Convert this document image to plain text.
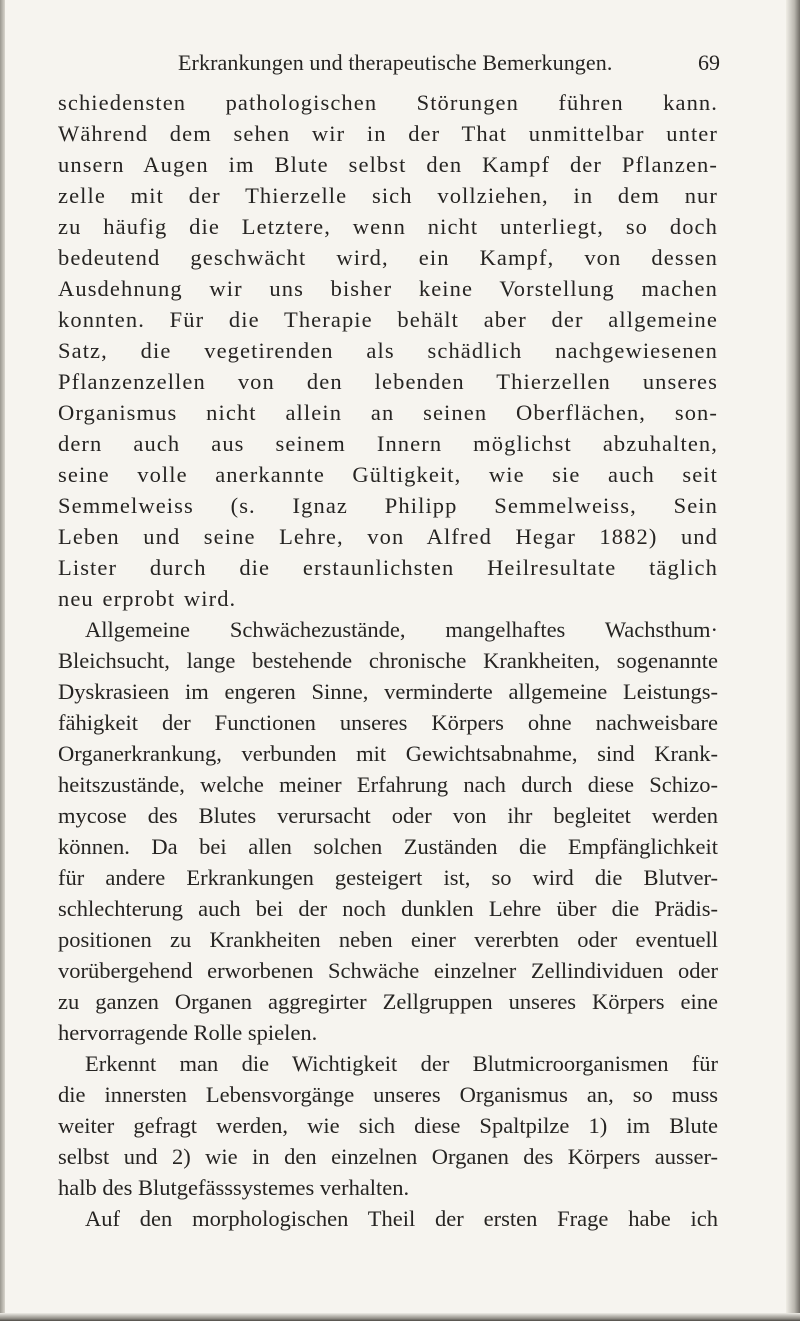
Erkrankungen und therapeutische Bemerkungen.	69
schiedensten pathologischen Störungen führen kann.
Während dem sehen wir in der That unmittelbar unter
unsern Augen im Blute selbst den Kampf der Pflanzen-
zelle mit der Thierzelle sich vollziehen, in dem nur
zu häufig die Letztere, wenn nicht unterliegt, so doch
bedeutend geschwächt wird, ein Kampf, von dessen
Ausdehnung wir uns bisher keine Vorstellung machen
konnten. Für die Therapie behält aber der allgemeine
Satz, die vegetirenden als schädlich nachgewiesenen
Pflanzenzellen von den lebenden Thierzellen unseres
Organismus nicht allein an seinen Oberflächen, son-
dern auch aus seinem Innern möglichst abzuhalten,
seine volle anerkannte Gültigkeit, wie sie auch seit
Semmelweiss (s. Ignaz Philipp Semmelweiss, Sein
Leben und seine Lehre, von Alfred Hegar 1882) und
Lister durch die erstaunlichsten Heilresultate täglich
neu erprobt wird.
Allgemeine Schwächezustände, mangelhaftes Wachsthum·
Bleichsucht, lange bestehende chronische Krankheiten, sogenannte
Dyskrasieen im engeren Sinne, verminderte allgemeine Leistungs-
fähigkeit der Functionen unseres Körpers ohne nachweisbare
Organerkrankung, verbunden mit Gewichtsabnahme, sind Krank-
heitszustände, welche meiner Erfahrung nach durch diese Schizo-
mycose des Blutes verursacht oder von ihr begleitet werden
können. Da bei allen solchen Zuständen die Empfänglichkeit
für andere Erkrankungen gesteigert ist, so wird die Blutver-
schlechterung auch bei der noch dunklen Lehre über die Prädis-
positionen zu Krankheiten neben einer vererbten oder eventuell
vorübergehend erworbenen Schwäche einzelner Zellindividuen oder
zu ganzen Organen aggregirter Zellgruppen unseres Körpers eine
hervorragende Rolle spielen.
Erkennt man die Wichtigkeit der Blutmicroorganismen für
die innersten Lebensvorgänge unseres Organismus an, so muss
weiter gefragt werden, wie sich diese Spaltpilze 1) im Blute
selbst und 2) wie in den einzelnen Organen des Körpers ausser-
halb des Blutgefässsystemes verhalten.
Auf den morphologischen Theil der ersten Frage habe ich
